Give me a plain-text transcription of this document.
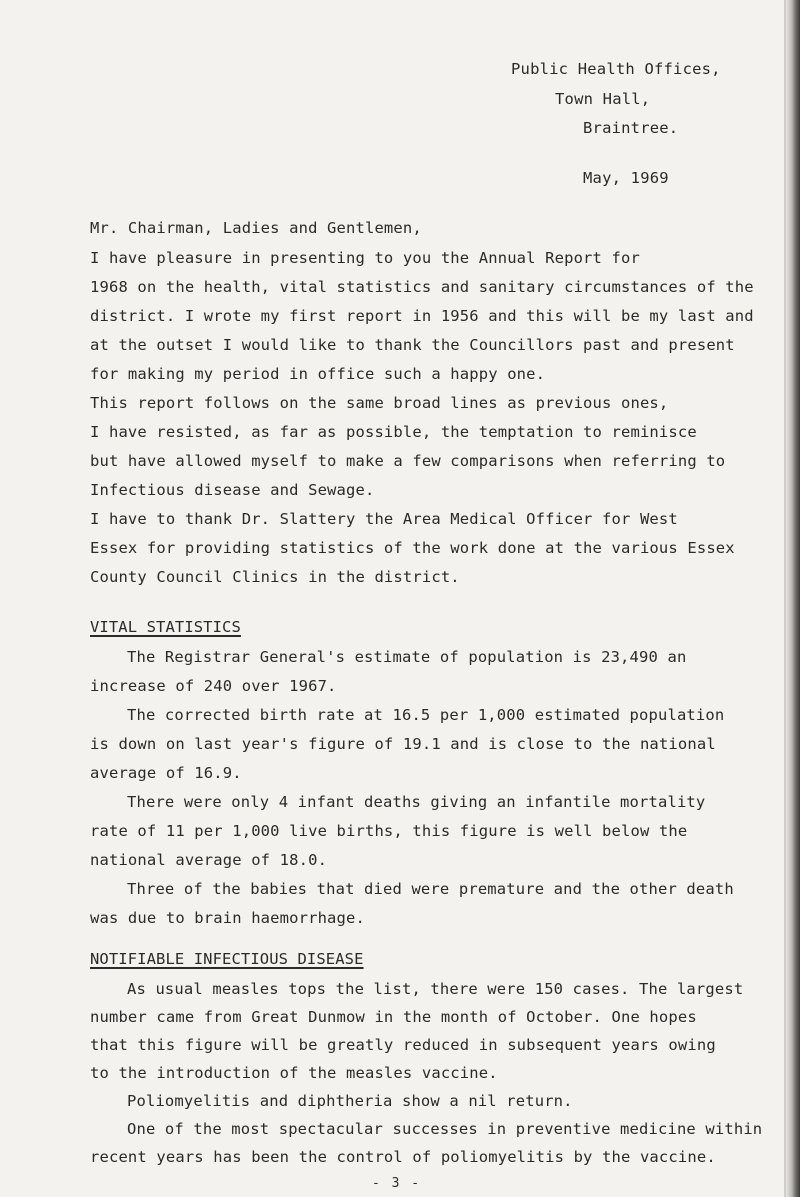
Public Health Offices,
Town Hall,
Braintree.
May, 1969
Mr. Chairman, Ladies and Gentlemen,
I have pleasure in presenting to you the Annual Report for
1968 on the health, vital statistics and sanitary circumstances of the
district. I wrote my first report in 1956 and this will be my last and
at the outset I would like to thank the Councillors past and present
for making my period in office such a happy one.
This report follows on the same broad lines as previous ones,
I have resisted, as far as possible, the temptation to reminisce
but have allowed myself to make a few comparisons when referring to
Infectious disease and Sewage.
I have to thank Dr. Slattery the Area Medical Officer for West
Essex for providing statistics of the work done at the various Essex
County Council Clinics in the district.
VITAL STATISTICS
The Registrar General's estimate of population is 23,490 an
increase of 240 over 1967.
The corrected birth rate at 16.5 per 1,000 estimated population
is down on last year's figure of 19.1 and is close to the national
average of 16.9.
There were only 4 infant deaths giving an infantile mortality
rate of 11 per 1,000 live births, this figure is well below the
national average of 18.0.
Three of the babies that died were premature and the other death
was due to brain haemorrhage.
NOTIFIABLE INFECTIOUS DISEASE
As usual measles tops the list, there were 150 cases. The largest
number came from Great Dunmow in the month of October. One hopes
that this figure will be greatly reduced in subsequent years owing
to the introduction of the measles vaccine.
Poliomyelitis and diphtheria show a nil return.
One of the most spectacular successes in preventive medicine within
recent years has been the control of poliomyelitis by the vaccine.
- 3 -
